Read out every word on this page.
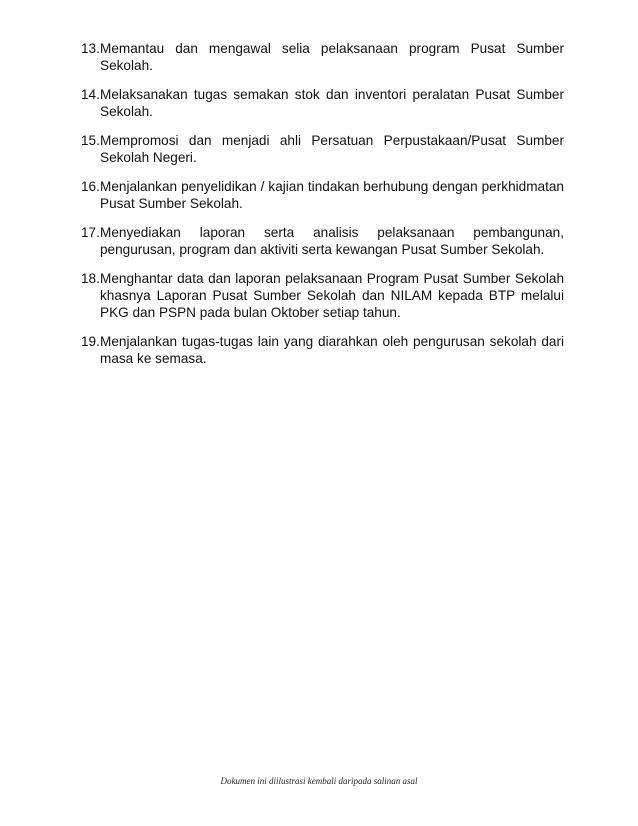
13. Memantau dan mengawal selia pelaksanaan program Pusat Sumber Sekolah.
14. Melaksanakan tugas semakan stok dan inventori peralatan Pusat Sumber Sekolah.
15. Mempromosi dan menjadi ahli Persatuan Perpustakaan/Pusat Sumber Sekolah Negeri.
16. Menjalankan penyelidikan / kajian tindakan berhubung dengan perkhidmatan Pusat Sumber Sekolah.
17. Menyediakan laporan serta analisis pelaksanaan pembangunan, pengurusan, program dan aktiviti serta kewangan Pusat Sumber Sekolah.
18. Menghantar data dan laporan pelaksanaan Program Pusat Sumber Sekolah khasnya Laporan Pusat Sumber Sekolah dan NILAM kepada BTP melalui PKG dan PSPN pada bulan Oktober setiap tahun.
19. Menjalankan tugas-tugas lain yang diarahkan oleh pengurusan sekolah dari masa ke semasa.
Dokumen ini diilustrasi kembali daripada salinan asal
